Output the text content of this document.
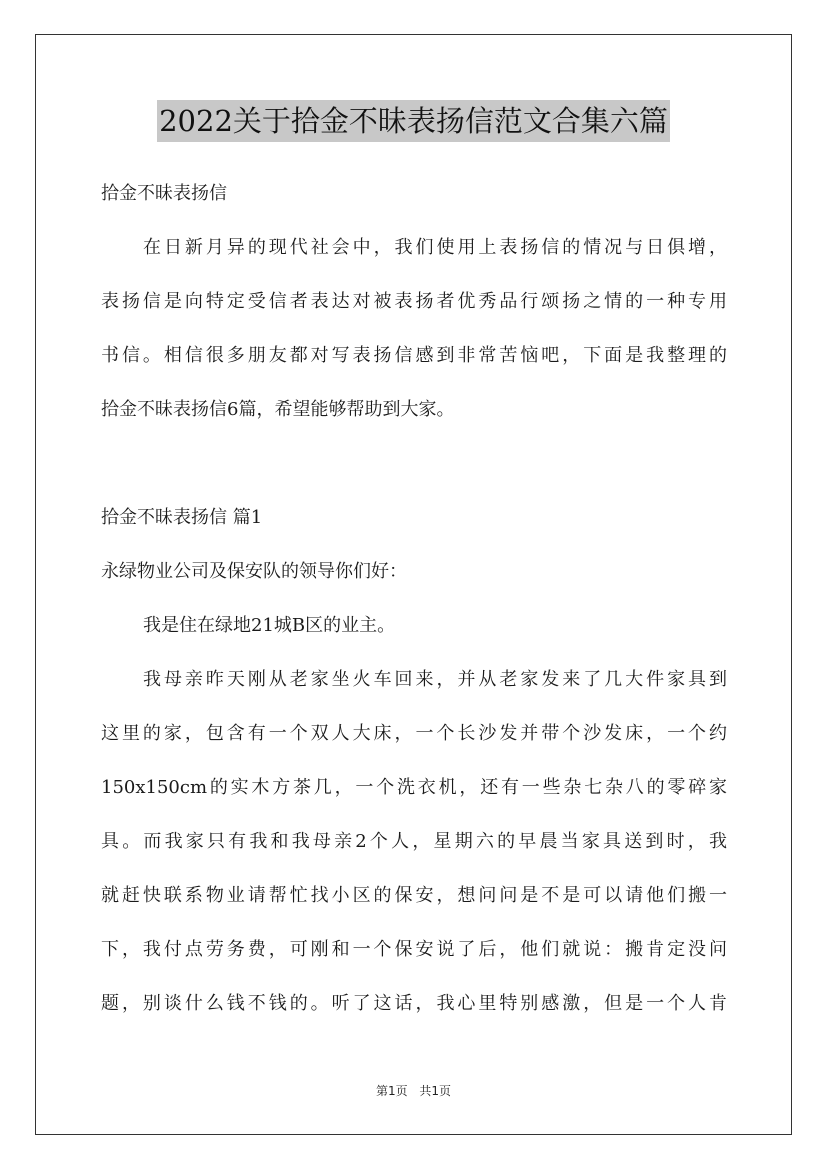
2022关于拾金不昧表扬信范文合集六篇
拾金不昧表扬信
在日新月异的现代社会中，我们使用上表扬信的情况与日俱增，
表扬信是向特定受信者表达对被表扬者优秀品行颂扬之情的一种专用
书信。相信很多朋友都对写表扬信感到非常苦恼吧，下面是我整理的
拾金不昧表扬信6篇，希望能够帮助到大家。
拾金不昧表扬信 篇1
永绿物业公司及保安队的领导你们好：
我是住在绿地21城B区的业主。
我母亲昨天刚从老家坐火车回来，并从老家发来了几大件家具到
这里的家，包含有一个双人大床，一个长沙发并带个沙发床，一个约
150x150cm的实木方茶几，一个洗衣机，还有一些杂七杂八的零碎家
具。而我家只有我和我母亲2个人，星期六的早晨当家具送到时，我
就赶快联系物业请帮忙找小区的保安，想问问是不是可以请他们搬一
下，我付点劳务费，可刚和一个保安说了后，他们就说：搬肯定没问
题，别谈什么钱不钱的。听了这话，我心里特别感激，但是一个人肯
第1页 共1页
